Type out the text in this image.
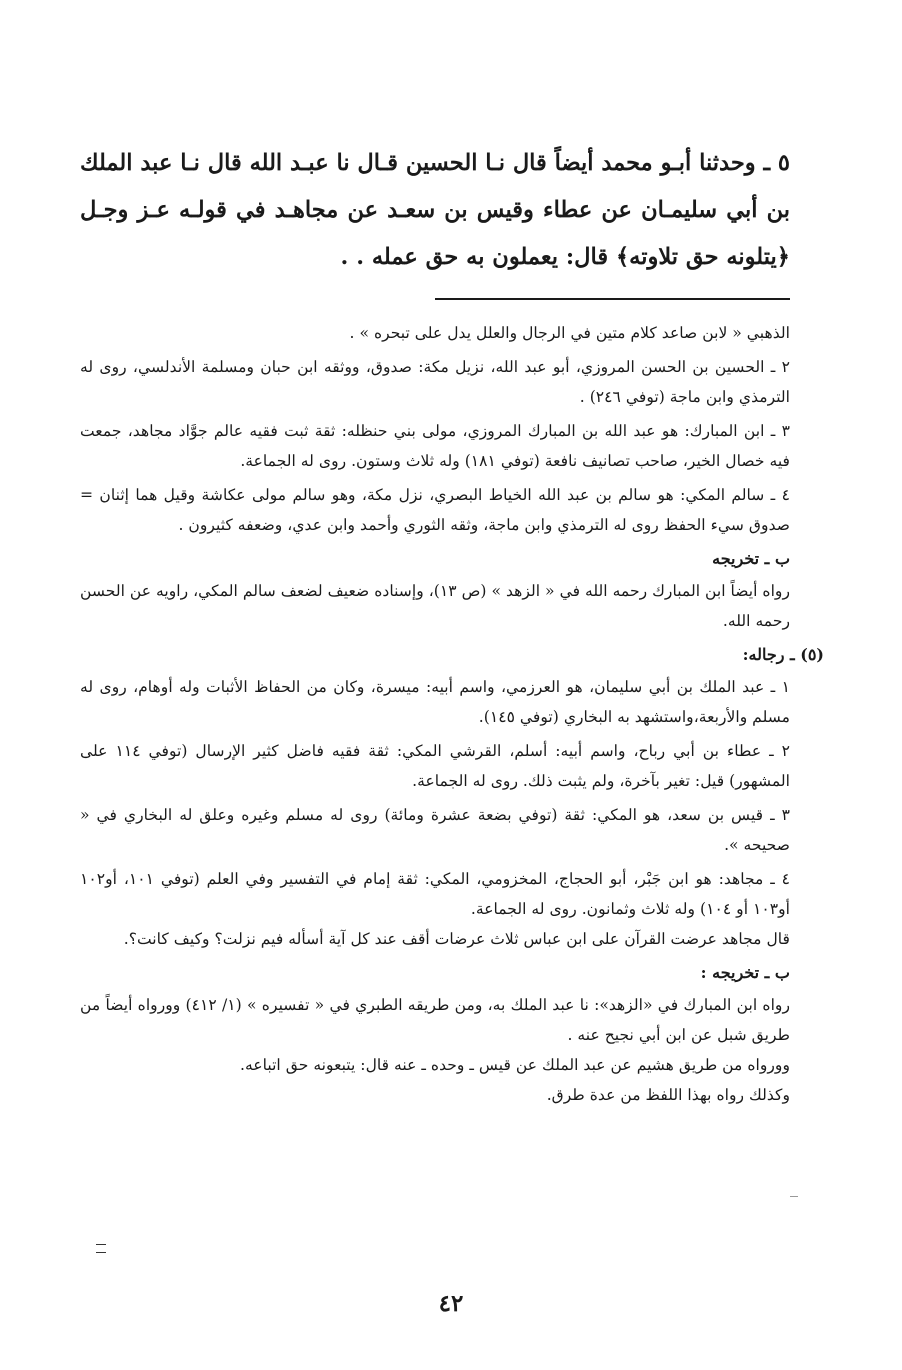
٥ ـ وحدثنا أبـو محمد أيضاً قال نـا الحسين قـال نا عبـد الله قال نـا عبد الملك بن أبي سليمـان عن عطاء وقيس بن سعـد عن مجاهـد في قولـه عـز وجـل ﴿يتلونه حق تلاوته﴾ قال: يعملون به حق عمله . .

الذهبي « لابن صاعد كلام متين في الرجال والعلل يدل على تبحره » .

٢ ـ الحسين بن الحسن المروزي، أبو عبد الله، نزيل مكة: صدوق، ووثقه ابن حبان ومسلمة الأندلسي، روى له الترمذي وابن ماجة (توفي ٢٤٦) .

٣ ـ ابن المبارك: هو عبد الله بن المبارك المروزي، مولى بني حنظله: ثقة ثبت فقيه عالم جوَّاد مجاهد، جمعت فيه خصال الخير، صاحب تصانيف نافعة (توفي ١٨١) وله ثلاث وستون. روى له الجماعة.

٤ ـ سالم المكي: هو سالم بن عبد الله الخياط البصري، نزل مكة، وهو سالم مولى عكاشة وقيل هما إثنان = صدوق سيء الحفظ روى له الترمذي وابن ماجة، وثقه الثوري وأحمد وابن عدي، وضعفه كثيرون .

ب ـ تخريجه

رواه أيضاً ابن المبارك رحمه الله في « الزهد » (ص ١٣)، وإسناده ضعيف لضعف سالم المكي، راويه عن الحسن رحمه الله.

(٥) ـ رجاله:

١ ـ عبد الملك بن أبي سليمان، هو العرزمي، واسم أبيه: ميسرة، وكان من الحفاظ الأثبات وله أوهام، روى له مسلم والأربعة،واستشهد به البخاري (توفي ١٤٥).

٢ ـ عطاء بن أبي رباح، واسم أبيه: أسلم، القرشي المكي: ثقة فقيه فاضل كثير الإرسال (توفي ١١٤ على المشهور) قيل: تغير بآخرة، ولم يثبت ذلك. روى له الجماعة.

٣ ـ قيس بن سعد، هو المكي: ثقة (توفي بضعة عشرة ومائة) روى له مسلم وغيره وعلق له البخاري في « صحيحه ».

٤ ـ مجاهد: هو ابن جَبْر، أبو الحجاج، المخزومي، المكي: ثقة إمام في التفسير وفي العلم (توفي ١٠١، أو١٠٢ أو١٠٣ أو ١٠٤) وله ثلاث وثمانون. روى له الجماعة.

قال مجاهد عرضت القرآن على ابن عباس ثلاث عرضات أقف عند كل آية أسأله فيم نزلت؟ وكيف كانت؟.

ب ـ تخريجه :

رواه ابن المبارك في «الزهد»: نا عبد الملك به، ومن طريقه الطبري في « تفسيره » (١/ ٤١٢) وورواه أيضاً من طريق شبل عن ابن أبي نجيح عنه .

وورواه من طريق هشيم عن عبد الملك عن قيس ـ وحده ـ عنه قال: يتبعونه حق اتباعه.

وكذلك رواه بهذا اللفظ من عدة طرق.

٤٢
